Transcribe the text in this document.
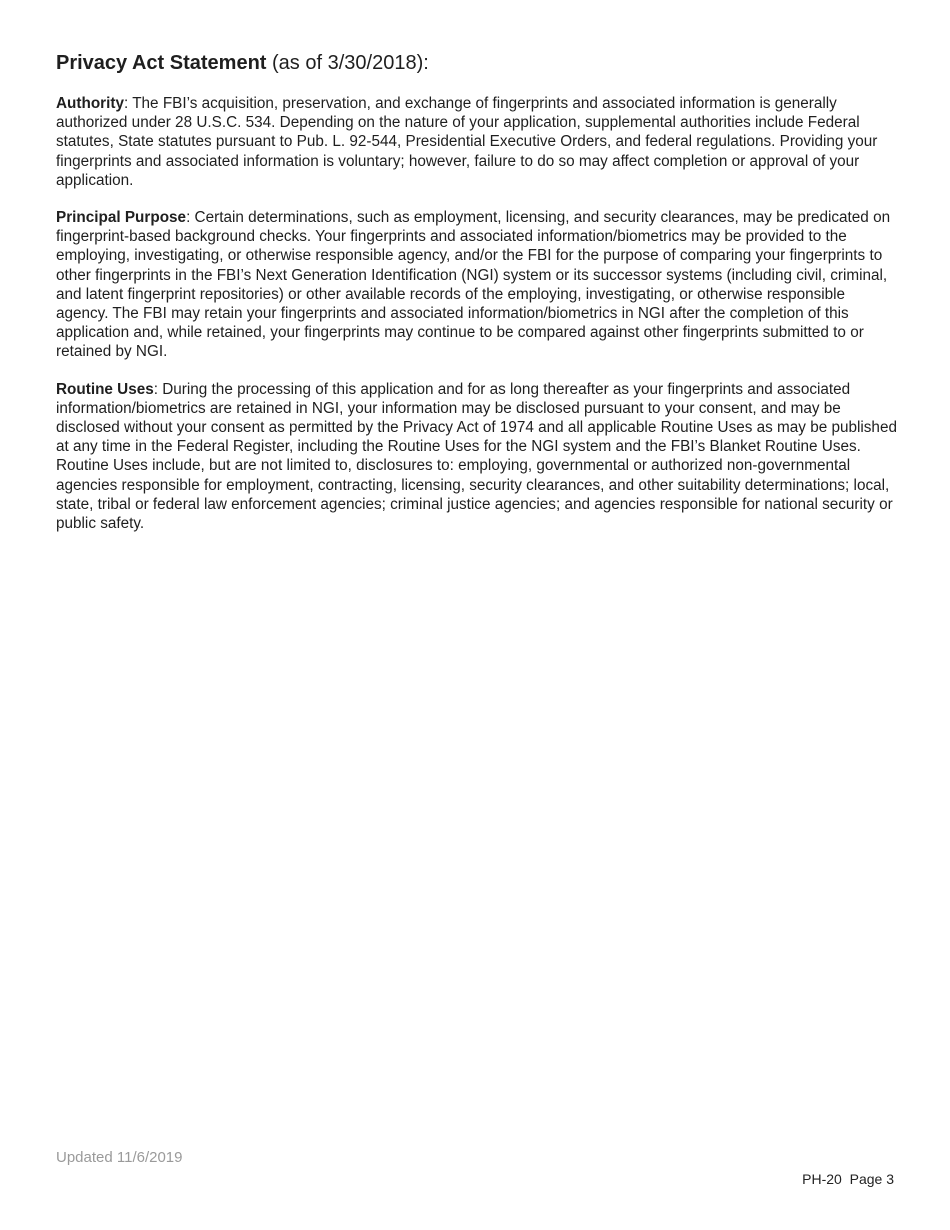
Privacy Act Statement (as of 3/30/2018):

Authority: The FBI’s acquisition, preservation, and exchange of fingerprints and associated information is generally authorized under 28 U.S.C. 534. Depending on the nature of your application, supplemental authorities include Federal statutes, State statutes pursuant to Pub. L. 92-544, Presidential Executive Orders, and federal regulations. Providing your fingerprints and associated information is voluntary; however, failure to do so may affect completion or approval of your application.

Principal Purpose: Certain determinations, such as employment, licensing, and security clearances, may be predicated on fingerprint-based background checks. Your fingerprints and associated information/biometrics may be provided to the employing, investigating, or otherwise responsible agency, and/or the FBI for the purpose of comparing your fingerprints to other fingerprints in the FBI’s Next Generation Identification (NGI) system or its successor systems (including civil, criminal, and latent fingerprint repositories) or other available records of the employing, investigating, or otherwise responsible agency. The FBI may retain your fingerprints and associated information/biometrics in NGI after the completion of this application and, while retained, your fingerprints may continue to be compared against other fingerprints submitted to or retained by NGI.

Routine Uses: During the processing of this application and for as long thereafter as your fingerprints and associated information/biometrics are retained in NGI, your information may be disclosed pursuant to your consent, and may be disclosed without your consent as permitted by the Privacy Act of 1974 and all applicable Routine Uses as may be published at any time in the Federal Register, including the Routine Uses for the NGI system and the FBI’s Blanket Routine Uses. Routine Uses include, but are not limited to, disclosures to: employing, governmental or authorized non-governmental agencies responsible for employment, contracting, licensing, security clearances, and other suitability determinations; local, state, tribal or federal law enforcement agencies; criminal justice agencies; and agencies responsible for national security or public safety.

Updated 11/6/2019
PH-20  Page 3
